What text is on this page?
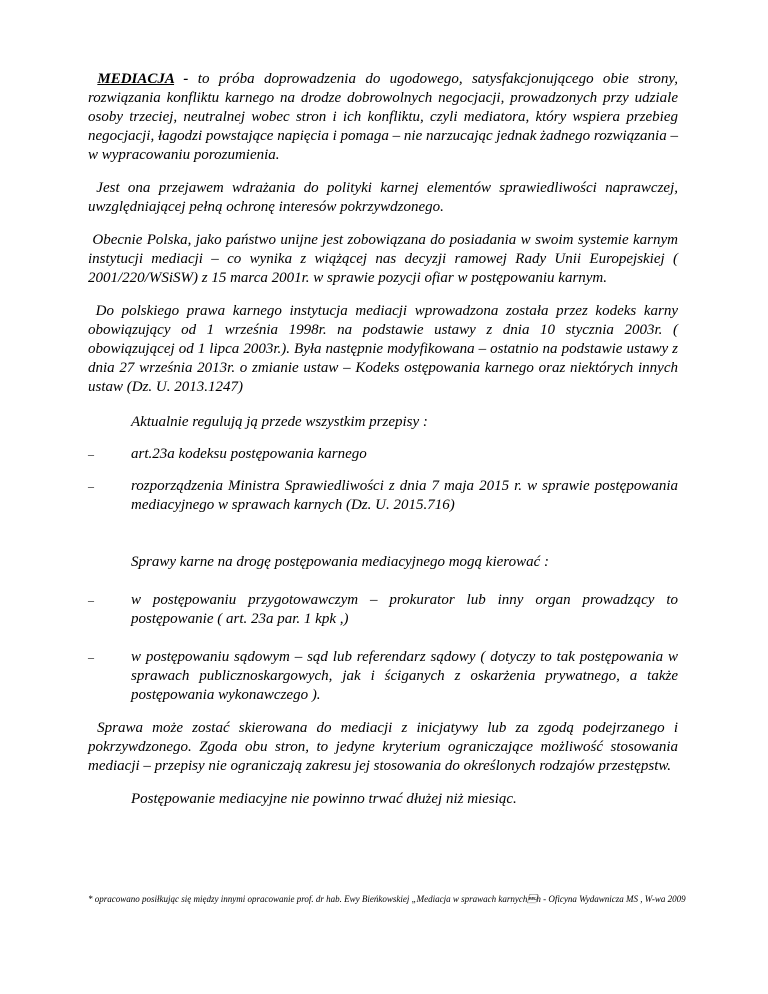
MEDIACJA - to próba doprowadzenia do ugodowego, satysfakcjonującego obie strony, rozwiązania konfliktu karnego na drodze dobrowolnych negocjacji, prowadzonych przy udziale osoby trzeciej, neutralnej wobec stron i ich konfliktu, czyli mediatora, który wspiera przebieg negocjacji, łagodzi powstające napięcia i pomaga – nie narzucając jednak żadnego rozwiązania – w wypracowaniu porozumienia.

Jest ona przejawem wdrażania do polityki karnej elementów sprawiedliwości naprawczej, uwzględniającej pełną ochronę interesów pokrzywdzonego.

Obecnie Polska, jako państwo unijne jest zobowiązana do posiadania w swoim systemie karnym instytucji mediacji – co wynika z wiążącej nas decyzji ramowej Rady Unii Europejskiej ( 2001/220/WSiSW) z 15 marca 2001r. w sprawie pozycji ofiar w postępowaniu karnym.

Do polskiego prawa karnego instytucja mediacji wprowadzona została przez kodeks karny obowiązujący od 1 września 1998r. na podstawie ustawy z dnia 10 stycznia 2003r. ( obowiązującej od 1 lipca 2003r.). Była następnie modyfikowana – ostatnio na podstawie ustawy z dnia 27 września 2013r. o zmianie ustaw – Kodeks ostępowania karnego oraz niektórych innych ustaw (Dz. U. 2013.1247)

Aktualnie regulują ją przede wszystkim przepisy :

– art.23a kodeksu postępowania karnego
– rozporządzenia Ministra Sprawiedliwości z dnia 7 maja 2015 r. w sprawie postępowania mediacyjnego w sprawach karnych (Dz. U. 2015.716)

Sprawy karne na drogę postępowania mediacyjnego mogą kierować :

– w postępowaniu przygotowawczym – prokurator lub inny organ prowadzący to postępowanie ( art. 23a par. 1 kpk ,)
– w postępowaniu sądowym – sąd lub referendarz sądowy ( dotyczy to tak postępowania w sprawach publicznoskargowych, jak i ściganych z oskarżenia prywatnego, a także postępowania wykonawczego ).

Sprawa może zostać skierowana do mediacji z inicjatywy lub za zgodą podejrzanego i pokrzywdzonego. Zgoda obu stron, to jedyne kryterium ograniczające możliwość stosowania mediacji – przepisy nie ograniczają zakresu jej stosowania do określonych rodzajów przestępstw.

Postępowanie mediacyjne nie powinno trwać dłużej niż miesiąc.

* opracowano posiłkując się między innymi opracowanie prof. dr hab. Ewy Bieńkowskiej „Mediacja w sprawach karnychh - Oficyna Wydawnicza MS , W-wa 2009
